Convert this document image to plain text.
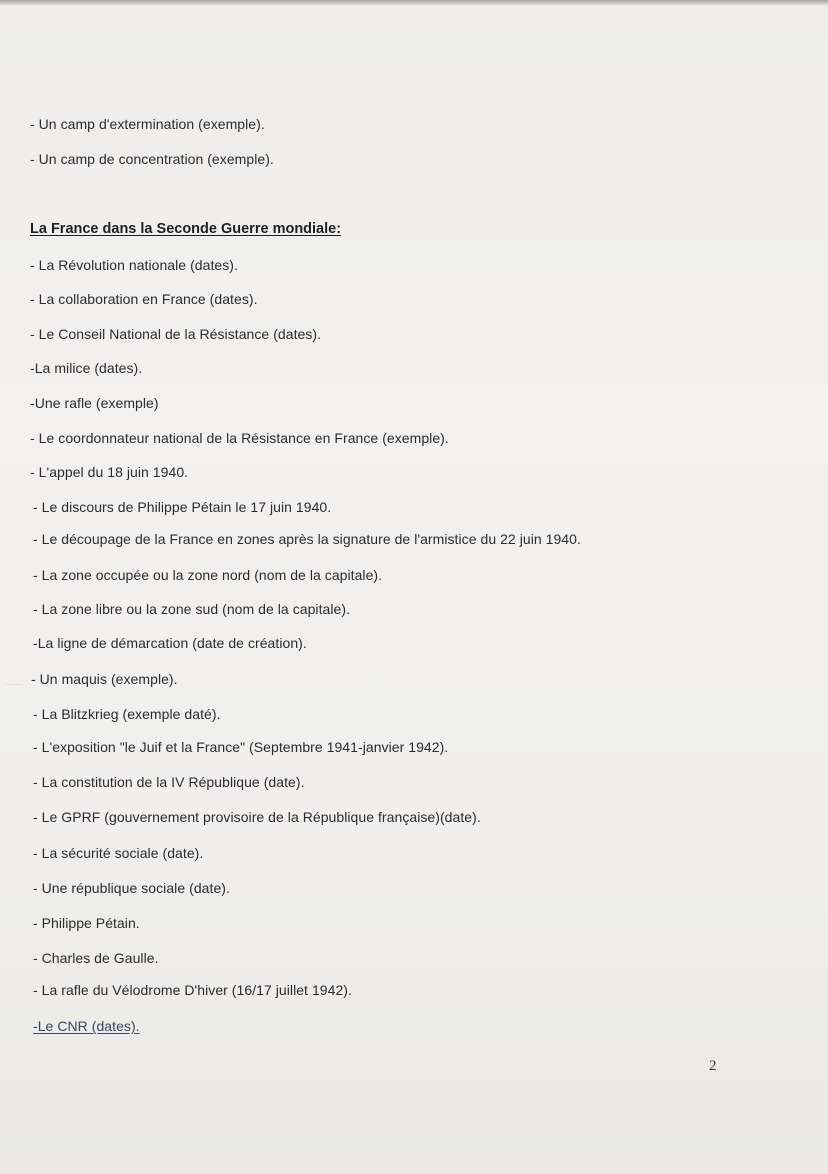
- Un camp d'extermination (exemple).
- Un camp de concentration (exemple).
La France dans la Seconde Guerre mondiale:
- La Révolution nationale (dates).
- La collaboration en France (dates).
- Le Conseil National de la Résistance (dates).
-La milice (dates).
-Une rafle (exemple)
- Le coordonnateur national de la Résistance en France (exemple).
- L'appel du 18 juin 1940.
- Le discours de Philippe Pétain le 17 juin 1940.
- Le découpage de la France en zones après la signature de l'armistice du 22 juin 1940.
- La zone occupée ou la zone nord (nom de la capitale).
- La zone libre ou la zone sud (nom de la capitale).
-La ligne de démarcation (date de création).
…… - Un maquis (exemple).
- La Blitzkrieg (exemple daté).
- L'exposition "le Juif et la France" (Septembre 1941-janvier 1942).
- La constitution de la IV République (date).
- Le GPRF (gouvernement provisoire de la République française)(date).
- La sécurité sociale (date).
- Une république sociale (date).
- Philippe Pétain.
- Charles de Gaulle.
- La rafle du Vélodrome D'hiver (16/17 juillet 1942).
-Le CNR (dates).
2
